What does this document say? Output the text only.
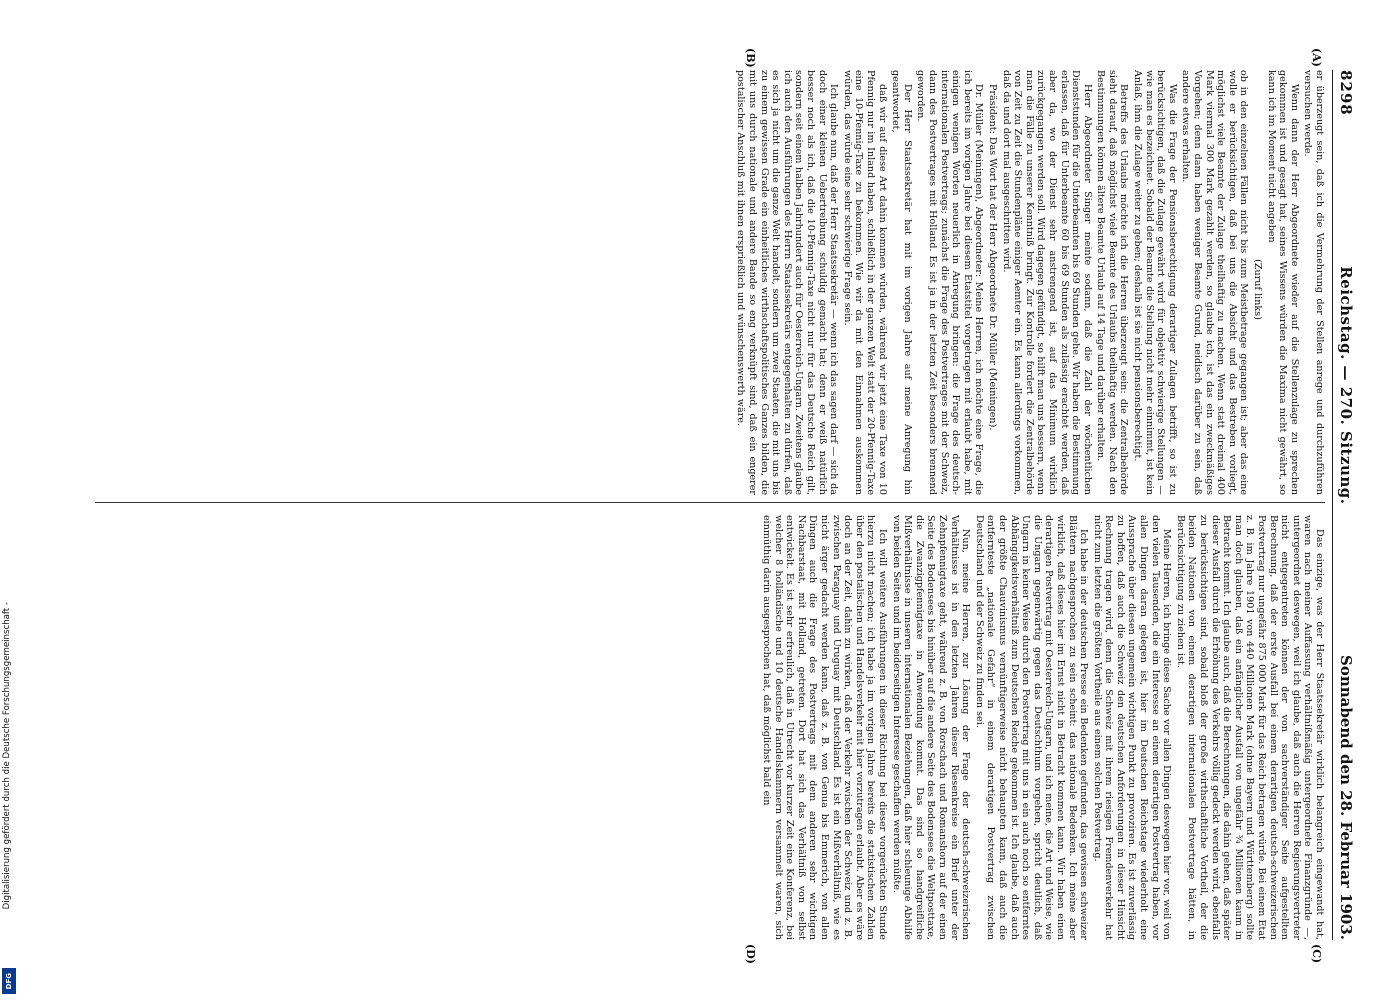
8298
Reichstag. — 270. Sitzung.
Sonnabend den 28. Februar 1903.
(A)
(B)
(C)
(D)

er überzeugt sein, daß ich die Vermehrung der Stellen anrege und durchzuführen versuchen werde.

Wenn dann der Herr Abgeordnete wieder auf die Stellenzulage zu sprechen gekommen ist und gesagt hat, seines Wissens würden die Maxima nicht gewährt, so kann ich im Moment nicht angeben

(Zuruf links)

ob in den einzelnen Fällen nicht bis zum Meistbetrage gegangen ist; aber das eine wolle er berücksichtigen, daß bei uns die Absicht und das Bestreben vorliegt, möglichst viele Beamte der Zulage theilhaftig zu machen. Wenn statt dreimal 400 Mark viermal 300 Mark gezahlt werden, so glaube ich, ist das ein zweckmäßiges Vorgehen; denn dann haben weniger Beamte Grund, neidisch darüber zu sein, daß andere etwas erhalten.

Was die Frage der Pensionsberechtigung derartiger Zulagen betrifft, so ist zu berücksichtigen, daß die Zulage gewährt wird für objektiv schwierige Stellungen — wie man es bezeichnet. Sobald der Beamte die Stellung nicht mehr einnimmt, ist kein Anlaß, ihm die Zulage weiter zu geben; deshalb ist sie nicht pensionsberechtigt.

Betreffs des Urlaubs möchte ich die Herren überzeugt sein: die Zentralbehörde sieht darauf, daß möglichst viele Beamte des Urlaubs theilhaftig werden. Nach den Bestimmungen können ältere Beamte Urlaub auf 14 Tage und darüber erhalten.

Herr Abgeordneter Singer meinte sodann, daß die Zahl der wöchentlichen Dienststunden für die Unterbeamten bis 69 Stunden gehe. Wir haben die Bestimmung erlassen, daß für Unterbeamte 60 bis 69 Stunden als zulässig erachtet werden, daß aber da, wo der Dienst sehr anstrengend ist, auf das Minimum wirklich zurückgegangen werden soll. Wird dagegen gefündigt, so hilft man uns bessern, wenn man die Fälle zu unserer Kenntniß bringt. Zur Kontrolle fordert die Zentralbehörde von Zeit zu Zeit die Stundenpläne einiger Aemter ein. Es kann allerdings vorkommen, daß da und dort mal ausgeschritten wird.

Präsident: Das Wort hat der Herr Abgeordnete Dr. Müller (Meiningen).

Dr. Müller (Meiningen), Abgeordneter: Meine Herren, ich möchte eine Frage, die ich bereits im vorigen Jahre bei diesem Etatstitel vorgetragen mit erlaubt habe, mit einigen wenigen Worten neuerlich in Anregung bringen: die Frage des deutsch-internationalen Postvertrags; zunächst die Frage des Postvertrages mit der Schweiz, dann des Postvertrages mit Holland. Es ist ja in der letzten Zeit besonders brennend geworden.

Der Herr Staatssekretär hat mit im vorigen Jahre auf meine Anregung hin geantwortet,

daß wir auf diese Art dahin kommen würden, während wir jetzt eine Taxe von 10 Pfennig nur im Inland haben, schließlich in der ganzen Welt statt der 20-Pfennig-Taxe eine 10-Pfennig-Taxe zu bekommen. Wie wir da mit den Einnahmen auskommen würden, das würde eine sehr schwierige Frage sein.

Ich glaube nun, daß der Herr Staatssekretär — wenn ich das sagen darf — sich da doch einer kleinen Uebertreibung schuldig gemacht hat; denn er weiß natürlich besser noch als ich, daß die 10-Pfennig-Taxe nicht nur für das Deutsche Reich gilt, sondern seit einem halben Jahrhundert auch für Oesterreich-Ungarn. Zweitens glaube ich auch den Ausführungen des Herrn Staatssekretärs entgegenhalten zu dürfen, daß es sich ja nicht um die ganze Welt handelt, sondern um zwei Staaten, die mit uns bis zu einem gewissen Grade ein einheitliches wirthschaftspolitisches Ganzes bilden, die mit uns durch nationale und andere Bande so eng verknüpft sind, daß ein engerer postalischer Anschluß mit ihnen ersprießlich und wünschenswerth wäre.

Das einzige, was der Herr Staatssekretär wirklich belangreich eingewandt hat, waren nach meiner Auffassung verhältnißmäßig untergeordnete Finanzgründe —, untergeordnet deswegen, weil ich glaube, daß auch die Herren Regierungsvertreter nicht entgegentreten können der von sachverständiger Seite aufgestellten Berechnung, daß der erste Ausfall bei einem derartigen deutsch-schweizerischen Postvertrag nur ungefähr 875 000 Mark für das Reich betragen würde. Bei einem Etat z. B. im Jahre 1901 von 440 Millionen Mark (ohne Bayern und Württemberg) sollte man doch glauben, daß ein anfänglicher Ausfall von ungefähr ¾ Millionen kaum in Betracht kommt. Ich glaube auch, daß die Berechnungen, die dahin gehen, daß später dieser Ausfall durch die Erhöhung des Verkehrs völlig gedeckt werden wird, ebenfalls zu berücksichtigen sind, sobald bloß der große wirthschaftliche Vortheil, der die beiden Nationen von einem derartigen internationalen Postvertrage hätten, in Berücksichtigung zu ziehen ist.

Meine Herren, ich bringe diese Sache vor allen Dingen deswegen hier vor, weil von den vielen Tausenden, die ein Interesse an einem derartigen Postvertrag haben, vor allen Dingen daran gelegen ist, hier im Deutschen Reichstage wiederholt eine Aussprache über diesen ungemein wichtigen Punkt zu provoziren. Es ist zuverlässig zu hoffen, daß auch die Schweiz den deutschen Anforderungen in dieser Hinsicht Rechnung tragen wird, denn die Schweiz mit ihrem riesigen Fremdenverkehr hat nicht zum letzten die größten Vortheile aus einem solchen Postvertrag.

Ich habe in der deutschen Presse ein Bedenken gefunden, das gewissen schweizer Blättern nachgesprochen zu sein scheint: das nationale Bedenken. Ich meine aber wirklich, daß dieses hier im Ernst nicht in Betracht kommen kann. Wir haben einen derartigen Postvertrag mit Oesterreich-Ungarn, und ich meine, die Art und Weise, wie die Ungarn gegenwärtig gegen das Deutschthum vorgehen, spricht deutlich, daß Ungarn in keiner Weise durch den Postvertrag mit uns in ein auch noch so entferntes Abhängigkeitsverhältniß zum Deutschen Reiche gekommen ist. Ich glaube, daß auch der größte Chauvinismus vernünftigerweise nicht behaupten kann, daß auch die entfernteste „nationale Gefahr“ in einem derartigen Postvertrag zwischen Deutschland und der Schweiz zu finden sei.

Nun, meine Herren, zur Lösung der Frage der deutsch-schweizerischen Verhältnisse ist in den letzten Jahren dieser Riesenkreise ein Brief unter der Zehnpfennigtaxe geht, während z. B. von Rorschach und Romanshorn auf der einen Seite des Bodensees bis hinüber auf die andere Seite des Bodensees die Weltposttaxe, die Zwanzigpfennigtaxe in Anwendung kommt. Das sind so handgreifliche Mißverhältnisse in unseren internationalen Beziehungen, daß hier schleunige Abhilfe von beiden Seiten und im beiderseitigen Interesse geschaffen werden müßte.

Ich will weitere Ausführungen in dieser Richtung bei dieser vorgerückten Stunde hierzu nicht machen; ich habe ja im vorigen Jahre bereits die statistischen Zahlen über den postalischen und Handelsverkehr mit hier vorzutragen erlaubt. Aber es wäre doch an der Zeit, dahin zu wirken, daß der Verkehr zwischen der Schweiz und z. B. zwischen Paraguay und Uruguay mit Deutschland. Es ist ein Mißverhältniß, wie es nicht ärger gedacht werden kann, daß z. B. von Genua bis Emmerich, von allen Dingen auch die Frage des Postvertrags mit dem anderen sehr wichtigen Nachbarstaat, mit Holland, getreten. Dort hat sich das Verhältniß von selbst entwickelt. Es ist sehr erfreulich, daß in Utrecht vor kurzer Zeit eine Konferenz, bei welcher 8 holländische und 10 deutsche Handelskammern versammelt waren, sich einmüthig darin ausgesprochen hat, daß möglichst bald ein

Digitalisierung gefördert durch die Deutsche Forschungsgemeinschaft -
DFG
